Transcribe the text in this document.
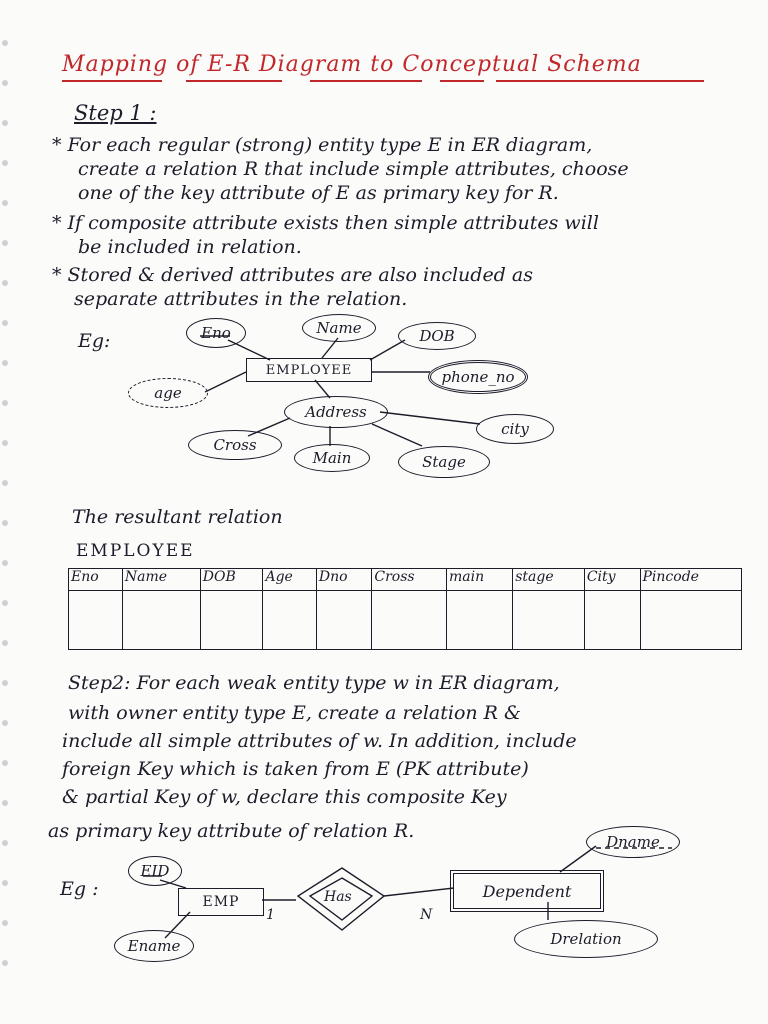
Mapping of E-R Diagram to Conceptual Schema
Step 1 :
* For each regular (strong) entity type E in ER diagram,
create a relation R that include simple attributes, choose
one of the key attribute of E as primary key for R.
* If composite attribute exists then simple attributes will
be included in relation.
* Stored & derived attributes are also included as
separate attributes in the relation.
Eg:
EMPLOYEE
Eno	Name	DOB
phone_no
age
Address
city
Cross
Main	Stage
The resultant relation
EMPLOYEE
Eno	Name	DOB	Age	Dno	Cross	main	stage	City	Pincode

Step2: For each weak entity type w in ER diagram,
with owner entity type E, create a relation R &
include all simple attributes of w. In addition, include
foreign Key which is taken from E (PK attribute)
& partial Key of w, declare this composite Key
as primary key attribute of relation R.
Eg :
EMP
EID
Ename
Has
1	N
Dependent
Dname
Drelation
